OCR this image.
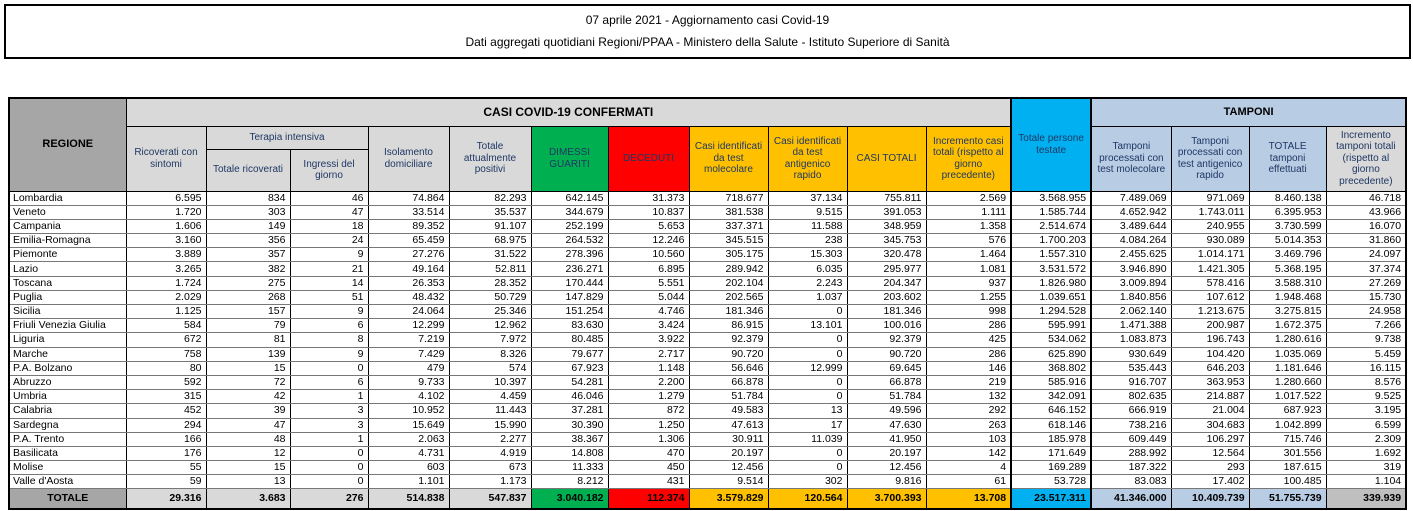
07 aprile 2021 - Aggiornamento casi Covid-19
Dati aggregati quotidiani Regioni/PPAA - Ministero della Salute - Istituto Superiore di Sanità
REGIONE	CASI COVID-19 CONFERMATI											Totale persone testate	TAMPONI			
	Ricoverati con sintomi	Terapia intensiva		Isolamento domiciliare	Totale attualmente positivi	DIMESSI GUARITI	DECEDUTI	Casi identificati da test molecolare	Casi identificati da test antigenico rapido	CASI TOTALI	Incremento casi totali (rispetto al giorno precedente)		Tamponi processati con test molecolare	Tamponi processati con test antigenico rapido	TOTALE tamponi effettuati	Incremento tamponi totali (rispetto al giorno precedente)
		Totale ricoverati	Ingressi del giorno													
Lombardia	6.595	834	46	74.864	82.293	642.145	31.373	718.677	37.134	755.811	2.569	3.568.955	7.489.069	971.069	8.460.138	46.718
Veneto	1.720	303	47	33.514	35.537	344.679	10.837	381.538	9.515	391.053	1.111	1.585.744	4.652.942	1.743.011	6.395.953	43.966
Campania	1.606	149	18	89.352	91.107	252.199	5.653	337.371	11.588	348.959	1.358	2.514.674	3.489.644	240.955	3.730.599	16.070
Emilia-Romagna	3.160	356	24	65.459	68.975	264.532	12.246	345.515	238	345.753	576	1.700.203	4.084.264	930.089	5.014.353	31.860
Piemonte	3.889	357	9	27.276	31.522	278.396	10.560	305.175	15.303	320.478	1.464	1.557.310	2.455.625	1.014.171	3.469.796	24.097
Lazio	3.265	382	21	49.164	52.811	236.271	6.895	289.942	6.035	295.977	1.081	3.531.572	3.946.890	1.421.305	5.368.195	37.374
Toscana	1.724	275	14	26.353	28.352	170.444	5.551	202.104	2.243	204.347	937	1.826.980	3.009.894	578.416	3.588.310	27.269
Puglia	2.029	268	51	48.432	50.729	147.829	5.044	202.565	1.037	203.602	1.255	1.039.651	1.840.856	107.612	1.948.468	15.730
Sicilia	1.125	157	9	24.064	25.346	151.254	4.746	181.346	0	181.346	998	1.294.528	2.062.140	1.213.675	3.275.815	24.958
Friuli Venezia Giulia	584	79	6	12.299	12.962	83.630	3.424	86.915	13.101	100.016	286	595.991	1.471.388	200.987	1.672.375	7.266
Liguria	672	81	8	7.219	7.972	80.485	3.922	92.379	0	92.379	425	534.062	1.083.873	196.743	1.280.616	9.738
Marche	758	139	9	7.429	8.326	79.677	2.717	90.720	0	90.720	286	625.890	930.649	104.420	1.035.069	5.459
P.A. Bolzano	80	15	0	479	574	67.923	1.148	56.646	12.999	69.645	146	368.802	535.443	646.203	1.181.646	16.115
Abruzzo	592	72	6	9.733	10.397	54.281	2.200	66.878	0	66.878	219	585.916	916.707	363.953	1.280.660	8.576
Umbria	315	42	1	4.102	4.459	46.046	1.279	51.784	0	51.784	132	342.091	802.635	214.887	1.017.522	9.525
Calabria	452	39	3	10.952	11.443	37.281	872	49.583	13	49.596	292	646.152	666.919	21.004	687.923	3.195
Sardegna	294	47	3	15.649	15.990	30.390	1.250	47.613	17	47.630	263	618.146	738.216	304.683	1.042.899	6.599
P.A. Trento	166	48	1	2.063	2.277	38.367	1.306	30.911	11.039	41.950	103	185.978	609.449	106.297	715.746	2.309
Basilicata	176	12	0	4.731	4.919	14.808	470	20.197	0	20.197	142	171.649	288.992	12.564	301.556	1.692
Molise	55	15	0	603	673	11.333	450	12.456	0	12.456	4	169.289	187.322	293	187.615	319
Valle d'Aosta	59	13	0	1.101	1.173	8.212	431	9.514	302	9.816	61	53.728	83.083	17.402	100.485	1.104
TOTALE	29.316	3.683	276	514.838	547.837	3.040.182	112.374	3.579.829	120.564	3.700.393	13.708	23.517.311	41.346.000	10.409.739	51.755.739	339.939
